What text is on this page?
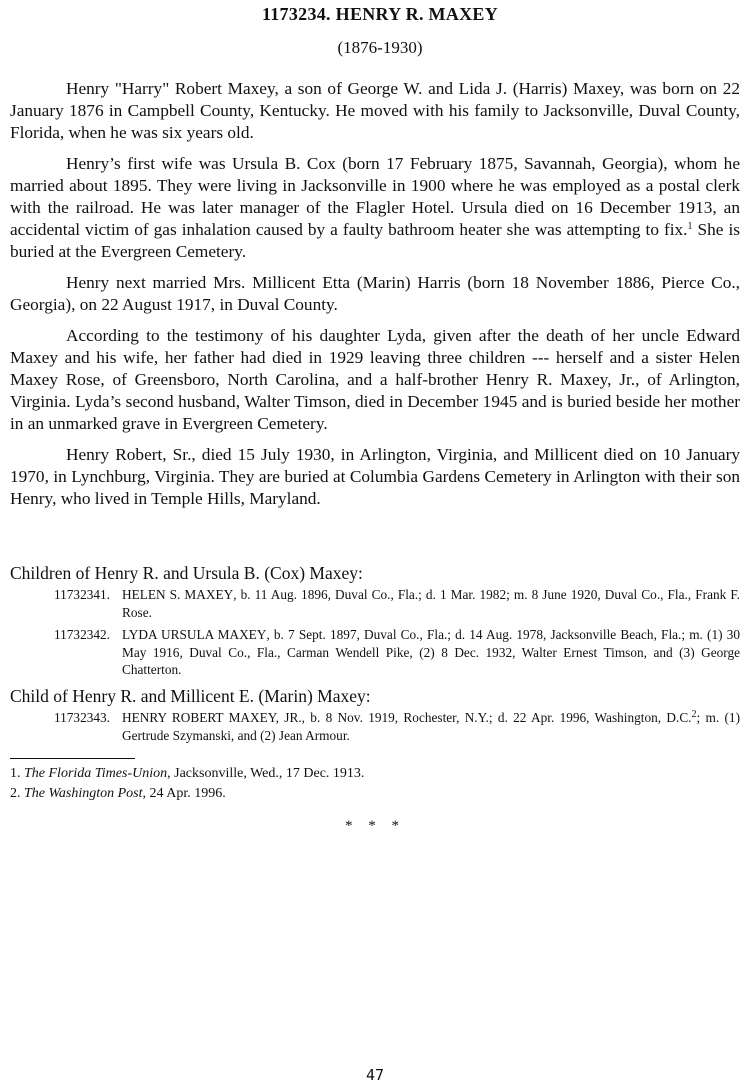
1173234. HENRY R. MAXEY
(1876-1930)

Henry "Harry" Robert Maxey, a son of George W. and Lida J. (Harris) Maxey, was born on 22 January 1876 in Campbell County, Kentucky. He moved with his family to Jacksonville, Duval County, Florida, when he was six years old.

Henry’s first wife was Ursula B. Cox (born 17 February 1875, Savannah, Georgia), whom he married about 1895. They were living in Jacksonville in 1900 where he was employed as a postal clerk with the railroad. He was later manager of the Flagler Hotel. Ursula died on 16 December 1913, an accidental victim of gas inhalation caused by a faulty bathroom heater she was attempting to fix.$^1$ She is buried at the Evergreen Cemetery.

Henry next married Mrs. Millicent Etta (Marin) Harris (born 18 November 1886, Pierce Co., Georgia), on 22 August 1917, in Duval County.

According to the testimony of his daughter Lyda, given after the death of her uncle Edward Maxey and his wife, her father had died in 1929 leaving three children --- herself and a sister Helen Maxey Rose, of Greensboro, North Carolina, and a half-brother Henry R. Maxey, Jr., of Arlington, Virginia. Lyda’s second husband, Walter Timson, died in December 1945 and is buried beside her mother in an unmarked grave in Evergreen Cemetery.

Henry Robert, Sr., died 15 July 1930, in Arlington, Virginia, and Millicent died on 10 January 1970, in Lynchburg, Virginia. They are buried at Columbia Gardens Cemetery in Arlington with their son Henry, who lived in Temple Hills, Maryland.

Children of Henry R. and Ursula B. (Cox) Maxey:
11732341. HELEN S. MAXEY, b. 11 Aug. 1896, Duval Co., Fla.; d. 1 Mar. 1982; m. 8 June 1920, Duval Co., Fla., Frank F. Rose.
11732342. LYDA URSULA MAXEY, b. 7 Sept. 1897, Duval Co., Fla.; d. 14 Aug. 1978, Jacksonville Beach, Fla.; m. (1) 30 May 1916, Duval Co., Fla., Carman Wendell Pike, (2) 8 Dec. 1932, Walter Ernest Timson, and (3) George Chatterton.
Child of Henry R. and Millicent E. (Marin) Maxey:
11732343. HENRY ROBERT MAXEY, JR., b. 8 Nov. 1919, Rochester, N.Y.; d. 22 Apr. 1996, Washington, D.C.$^2$; m. (1) Gertrude Szymanski, and (2) Jean Armour.
1. The Florida Times-Union, Jacksonville, Wed., 17 Dec. 1913.
2. The Washington Post, 24 Apr. 1996.
* * *
47
